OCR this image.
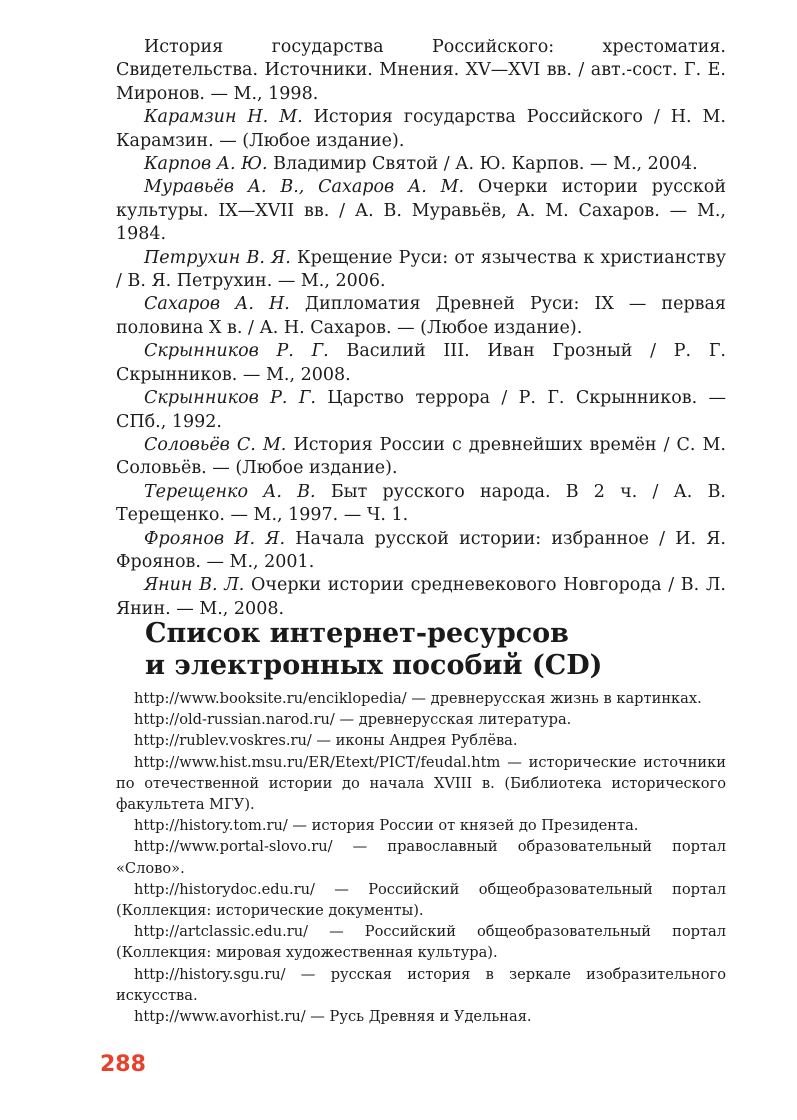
История государства Российского: хрестоматия. Свидетельства. Источники. Мнения. XV—XVI вв. / авт.-сост. Г. Е. Миронов. — М., 1998.

Карамзин Н. М. История государства Российского / Н. М. Карамзин. — (Любое издание).

Карпов А. Ю. Владимир Святой / А. Ю. Карпов. — М., 2004.

Муравьёв А. В., Сахаров А. М. Очерки истории русской культуры. IX—XVII вв. / А. В. Муравьёв, А. М. Сахаров. — М., 1984.

Петрухин В. Я. Крещение Руси: от язычества к христианству / В. Я. Петрухин. — М., 2006.

Сахаров А. Н. Дипломатия Древней Руси: IX — первая половина X в. / А. Н. Сахаров. — (Любое издание).

Скрынников Р. Г. Василий III. Иван Грозный / Р. Г. Скрынников. — М., 2008.

Скрынников Р. Г. Царство террора / Р. Г. Скрынников. — СПб., 1992.

Соловьёв С. М. История России с древнейших времён / С. М. Соловьёв. — (Любое издание).

Терещенко А. В. Быт русского народа. В 2 ч. / А. В. Терещенко. — М., 1997. — Ч. 1.

Фроянов И. Я. Начала русской истории: избранное / И. Я. Фроянов. — М., 2001.

Янин В. Л. Очерки истории средневекового Новгорода / В. Л. Янин. — М., 2008.

Список интернет-ресурсов
и электронных пособий (CD)

http://www.booksite.ru/enciklopedia/ — древнерусская жизнь в картинках.

http://old-russian.narod.ru/ — древнерусская литература.

http://rublev.voskres.ru/ — иконы Андрея Рублёва.

http://www.hist.msu.ru/ER/Etext/PICT/feudal.htm — исторические источники по отечественной истории до начала XVIII в. (Библиотека исторического факультета МГУ).

http://history.tom.ru/ — история России от князей до Президента.

http://www.portal-slovo.ru/ — православный образовательный портал «Слово».

http://historydoc.edu.ru/ — Российский общеобразовательный портал (Коллекция: исторические документы).

http://artclassic.edu.ru/ — Российский общеобразовательный портал (Коллекция: мировая художественная культура).

http://history.sgu.ru/ — русская история в зеркале изобразительного искусства.

http://www.avorhist.ru/ — Русь Древняя и Удельная.

288
